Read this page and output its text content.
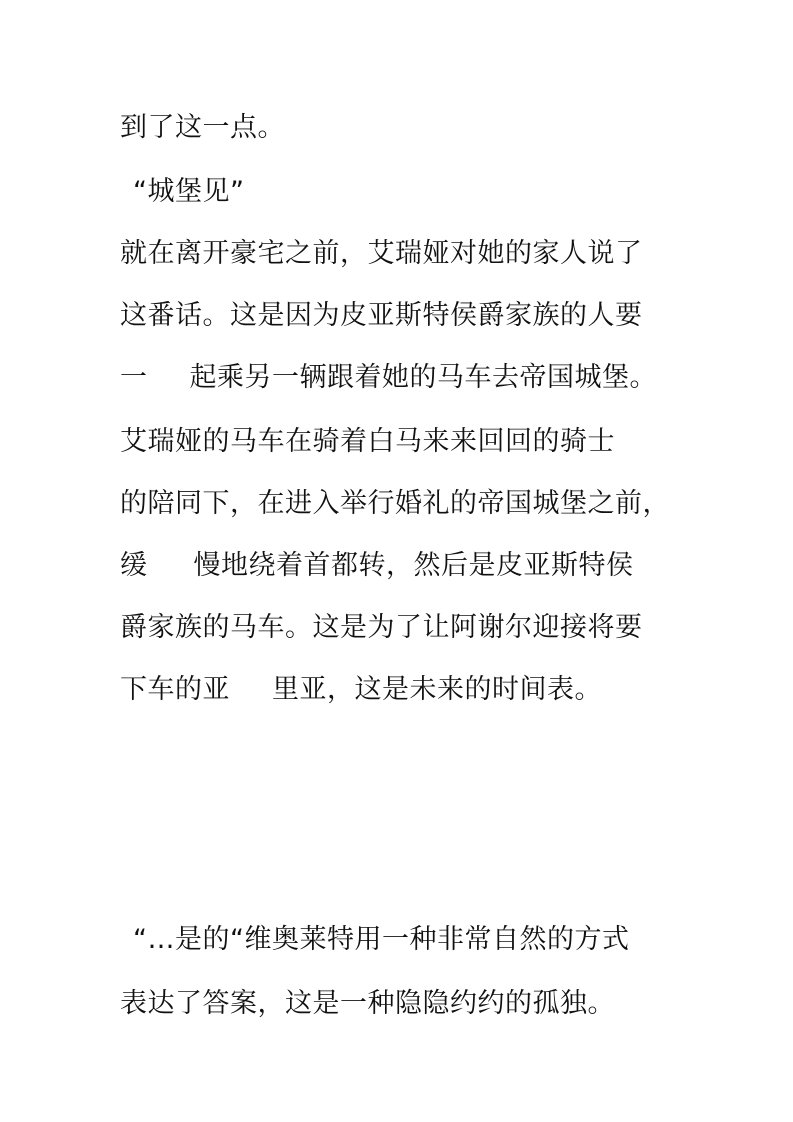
到了这一点。
“城堡见”
就在离开豪宅之前，艾瑞娅对她的家人说了
这番话。这是因为皮亚斯特侯爵家族的人要
一 起乘另一辆跟着她的马车去帝国城堡。
艾瑞娅的马车在骑着白马来来回回的骑士
的陪同下，在进入举行婚礼的帝国城堡之前，
缓 慢地绕着首都转，然后是皮亚斯特侯
爵家族的马车。这是为了让阿谢尔迎接将要
下车的亚 里亚，这是未来的时间表。
“…是的“维奥莱特用一种非常自然的方式
表达了答案，这是一种隐隐约约的孤独。
